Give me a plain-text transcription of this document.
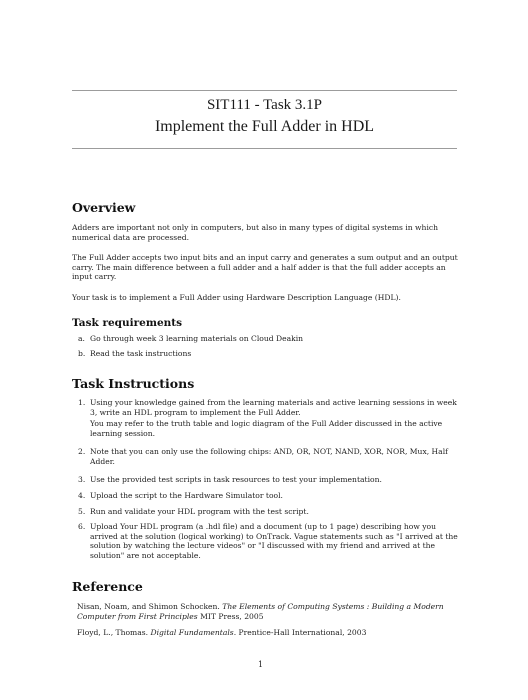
SIT111 - Task 3.1P
Implement the Full Adder in HDL
Overview
Adders are important not only in computers, but also in many types of digital systems in which numerical data are processed.
The Full Adder accepts two input bits and an input carry and generates a sum output and an output carry. The main difference between a full adder and a half adder is that the full adder accepts an input carry.
Your task is to implement a Full Adder using Hardware Description Language (HDL).
Task requirements
a. Go through week 3 learning materials on Cloud Deakin
b. Read the task instructions
Task Instructions
1. Using your knowledge gained from the learning materials and active learning sessions in week 3, write an HDL program to implement the Full Adder.
You may refer to the truth table and logic diagram of the Full Adder discussed in the active learning session.
2. Note that you can only use the following chips: AND, OR, NOT, NAND, XOR, NOR, Mux, Half Adder.
3. Use the provided test scripts in task resources to test your implementation.
4. Upload the script to the Hardware Simulator tool.
5. Run and validate your HDL program with the test script.
6. Upload Your HDL program (a .hdl file) and a document (up to 1 page) describing how you arrived at the solution (logical working) to OnTrack. Vague statements such as "I arrived at the solution by watching the lecture videos" or "I discussed with my friend and arrived at the solution" are not acceptable.
Reference
Nisan, Noam, and Shimon Schocken. The Elements of Computing Systems : Building a Modern Computer from First Principles MIT Press, 2005
Floyd, L., Thomas. Digital Fundamentals. Prentice-Hall International, 2003
1
